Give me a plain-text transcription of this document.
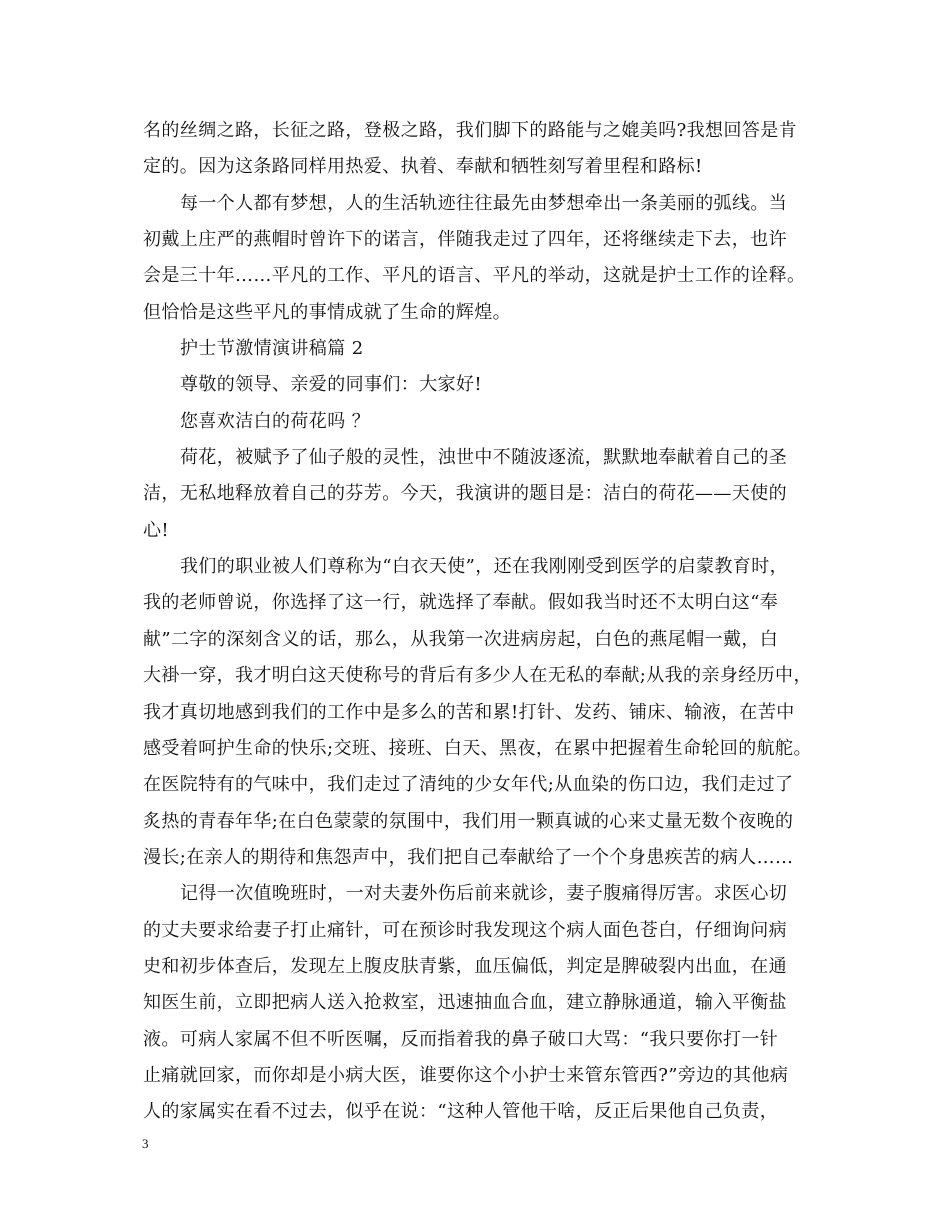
名的丝绸之路，长征之路，登极之路，我们脚下的路能与之媲美吗?我想回答是肯
定的。因为这条路同样用热爱、执着、奉献和牺牲刻写着里程和路标!
每一个人都有梦想，人的生活轨迹往往最先由梦想牵出一条美丽的弧线。当
初戴上庄严的燕帽时曾许下的诺言，伴随我走过了四年，还将继续走下去，也许
会是三十年……平凡的工作、平凡的语言、平凡的举动，这就是护士工作的诠释。
但恰恰是这些平凡的事情成就了生命的辉煌。
护士节激情演讲稿篇 2
尊敬的领导、亲爱的同事们：大家好!
您喜欢洁白的荷花吗 ？
荷花，被赋予了仙子般的灵性，浊世中不随波逐流，默默地奉献着自己的圣
洁，无私地释放着自己的芬芳。今天，我演讲的题目是：洁白的荷花——天使的
心!
我们的职业被人们尊称为“白衣天使”，还在我刚刚受到医学的启蒙教育时，
我的老师曾说，你选择了这一行，就选择了奉献。假如我当时还不太明白这“奉
献”二字的深刻含义的话，那么，从我第一次进病房起，白色的燕尾帽一戴，白
大褂一穿，我才明白这天使称号的背后有多少人在无私的奉献;从我的亲身经历中，
我才真切地感到我们的工作中是多么的苦和累!打针、发药、铺床、输液，在苦中
感受着呵护生命的快乐;交班、接班、白天、黑夜，在累中把握着生命轮回的航舵。
在医院特有的气味中，我们走过了清纯的少女年代;从血染的伤口边，我们走过了
炙热的青春年华;在白色蒙蒙的氛围中，我们用一颗真诚的心来丈量无数个夜晚的
漫长;在亲人的期待和焦怨声中，我们把自己奉献给了一个个身患疾苦的病人……
记得一次值晚班时，一对夫妻外伤后前来就诊，妻子腹痛得厉害。求医心切
的丈夫要求给妻子打止痛针，可在预诊时我发现这个病人面色苍白，仔细询问病
史和初步体查后，发现左上腹皮肤青紫，血压偏低，判定是脾破裂内出血，在通
知医生前，立即把病人送入抢救室，迅速抽血合血，建立静脉通道，输入平衡盐
液。可病人家属不但不听医嘱，反而指着我的鼻子破口大骂：“我只要你打一针
止痛就回家，而你却是小病大医，谁要你这个小护士来管东管西?”旁边的其他病
人的家属实在看不过去，似乎在说：“这种人管他干啥，反正后果他自己负责，
3
